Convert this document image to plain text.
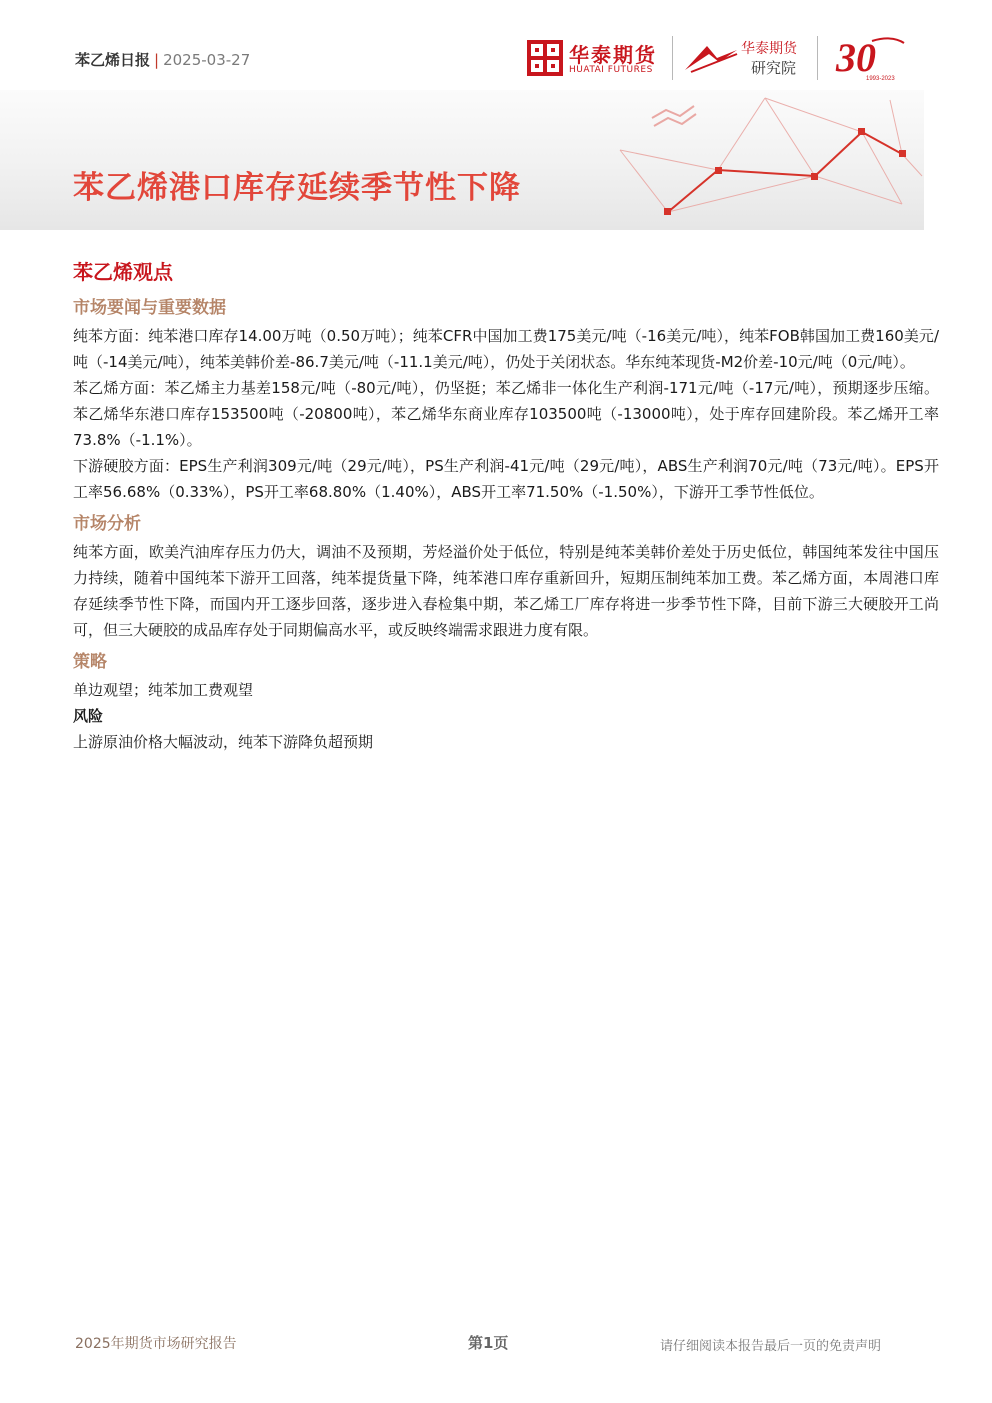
苯乙烯日报 | 2025-03-27	华泰期货
HUATAI FUTURES
华泰期货
研究院 30
1993-2023
苯乙烯港口库存延续季节性下降
苯乙烯观点
市场要闻与重要数据

纯苯方面：纯苯港口库存14.00万吨（0.50万吨）；纯苯CFR中国加工费175美元/吨（-16美元/吨），纯苯FOB韩国加工费160美元/吨（-14美元/吨），纯苯美韩价差-86.7美元/吨（-11.1美元/吨），仍处于关闭状态。华东纯苯现货-M2价差-10元/吨（0元/吨）。

苯乙烯方面：苯乙烯主力基差158元/吨（-80元/吨），仍坚挺；苯乙烯非一体化生产利润-171元/吨（-17元/吨），预期逐步压缩。苯乙烯华东港口库存153500吨（-20800吨），苯乙烯华东商业库存103500吨（-13000吨），处于库存回建阶段。苯乙烯开工率73.8%（-1.1%）。

下游硬胶方面：EPS生产利润309元/吨（29元/吨），PS生产利润-41元/吨（29元/吨），ABS生产利润70元/吨（73元/吨）。EPS开工率56.68%（0.33%），PS开工率68.80%（1.40%），ABS开工率71.50%（-1.50%），下游开工季节性低位。

市场分析

纯苯方面，欧美汽油库存压力仍大，调油不及预期，芳烃溢价处于低位，特别是纯苯美韩价差处于历史低位，韩国纯苯发往中国压力持续，随着中国纯苯下游开工回落，纯苯提货量下降，纯苯港口库存重新回升，短期压制纯苯加工费。苯乙烯方面，本周港口库存延续季节性下降，而国内开工逐步回落，逐步进入春检集中期，苯乙烯工厂库存将进一步季节性下降，目前下游三大硬胶开工尚可，但三大硬胶的成品库存处于同期偏高水平，或反映终端需求跟进力度有限。

策略

单边观望；纯苯加工费观望

风险

上游原油价格大幅波动，纯苯下游降负超预期

2025年期货市场研究报告	第1页	请仔细阅读本报告最后一页的免责声明
